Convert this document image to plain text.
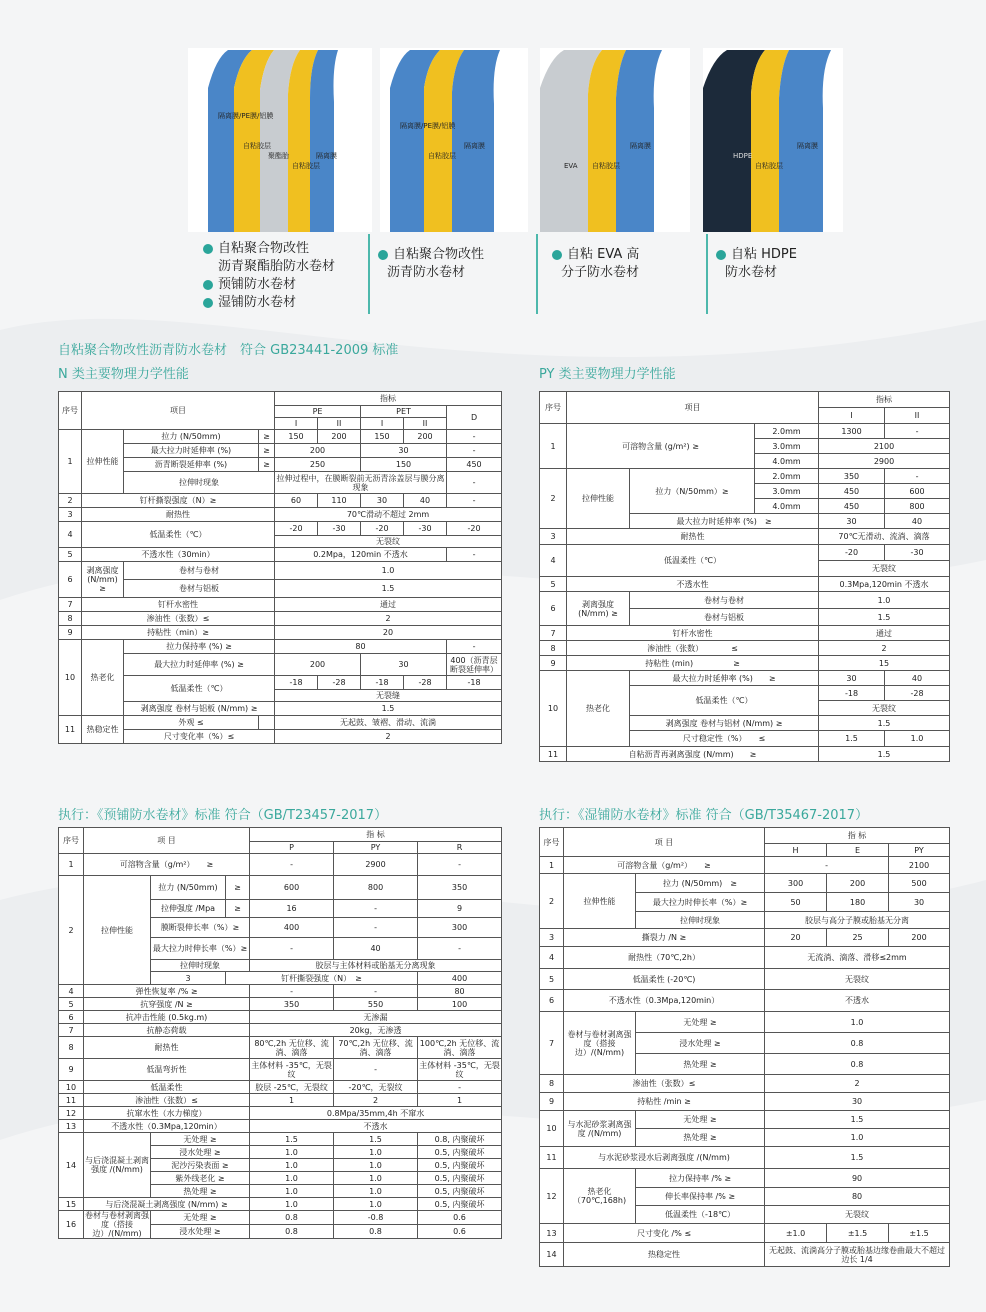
隔离膜/PE膜/铝膜
自粘胶层
聚酯胎
自粘胶层
隔离膜
隔离膜/PE膜/铝膜
自粘胶层
隔离膜
EVA 自粘胶层
隔离膜
HDPE
自粘胶层
隔离膜
自粘聚合物改性
沥青聚酯胎防水卷材
预铺防水卷材
湿铺防水卷材
自粘聚合物改性
沥青防水卷材
自粘 EVA 高
分子防水卷材
自粘 HDPE
防水卷材
自粘聚合物改性沥青防水卷材　符合 GB23441-2009 标准
N 类主要物理力学性能	PY 类主要物理力学性能
执行：《预铺防水卷材》标准 符合（GB/T23457-2017）	执行：《湿铺防水卷材》标准 符合（GB/T35467-2017）
序号	项目			指标				
				PE		PET		D
				I	II	I	II	
1	拉伸性能	拉力 (N/50mm)	≥	150	200	150	200	-
		最大拉力时延伸率 (%)	≥	200		30		-
		沥青断裂延伸率 (%)	≥	250		150		450
		拉伸时现象		拉伸过程中，在膜断裂前无沥青涂盖层与膜分离现象				-
2	钉杆撕裂强度（N）≥			60	110	30	40	-
3	耐热性			70℃滑动不超过 2mm				
4	低温柔性（℃）			-20	-30	-20	-30	-20
				无裂纹				
5	不透水性（30min）			0.2Mpa，120min 不透水				-
6	剥离强度 (N/mm) ≥	卷材与卷材		1.0				
		卷材与铝板		1.5				
7	钉杆水密性			通过				
8	渗油性（张数）≤			2				
9	持粘性（min）≥			20				
10	热老化	拉力保持率 (%) ≥		80				-
		最大拉力时延伸率 (%) ≥		200		30		400（沥青层断裂延伸率）
		低温柔性（℃）		-18	-28	-18	-28	-18
				无裂缝				
		剥离强度 卷材与铝板 (N/mm) ≥		1.5				
11	热稳定性	外观 ≤		无起鼓、皱褶、滑动、流淌				
		尺寸变化率（%）≤		2				
序号	项目			指标	
				I	II
1	可溶物含量 (g/m²) ≥		2.0mm	1300	-
			3.0mm	2100	
			4.0mm	2900	
2	拉伸性能	拉力（N/50mm）≥	2.0mm	350	-
			3.0mm	450	600
			4.0mm	450	800
		最大拉力时延伸率 (%)　≥		30	40
3	耐热性			70℃无滑动、流淌、滴落	
4	低温柔性（℃）			-20	-30
				无裂纹	
5	不透水性			0.3Mpa,120min 不透水	
6	剥离强度 (N/mm) ≥	卷材与卷材		1.0	
		卷材与铝板		1.5	
7	钉杆水密性			通过	
8	渗油性（张数）　　　　≤			2	
9	持粘性 (min)　　　　　≥			15	
10	热老化	最大拉力时延伸率 (%)　　≥		30	40
		低温柔性（℃）		-18	-28
				无裂纹	
		剥离强度 卷材与铝材 (N/mm) ≥		1.5	
		尺寸稳定性（%）　　≤		1.5	1.0
11	自粘沥青再剥离强度 (N/mm)　　≥			1.5	
序号	项 目			指 标			
				P	PY	R	
1	可溶物含量（g/m²）　　≥			-	2900	-	
2	拉伸性能	拉力 (N/50mm)	≥	600	800	350	
		拉伸强度 /Mpa	≥	16	-	9	
		膜断裂伸长率（%）≥		400	-	300	
		最大拉力时伸长率（%）≥		-	40	-	
		拉伸时现象		胶层与主体材料或胎基无分离现象			
		3	钉杆撕裂强度（N）　≥			400		
4	弹性恢复率 /% ≥			-	-	80	
5	抗穿强度 /N ≥			350	550	100	
6	抗冲击性能 (0.5kg.m)			无渗漏			
7	抗静态荷载			20kg，无渗透			
8	耐热性			80℃,2h 无位移、流淌、滴落	70℃,2h 无位移、流淌、滴落	100℃,2h 无位移、流淌、滴落	
9	低温弯折性			主体材料 -35℃，无裂纹	-	主体材料 -35℃，无裂纹	
10	低温柔性			胶层 -25℃，无裂纹	-20℃，无裂纹	-	
11	渗油性（张数）≤			1	2	1	
12	抗窜水性（水力梯度）			0.8Mpa/35mm,4h 不窜水			
13	不透水性（0.3Mpa,120min）			不透水			
14	与后浇混凝土剥离强度 /(N/mm)	无处理 ≥		1.5	1.5	0.8, 内聚破坏	
		浸水处理 ≥		1.0	1.0	0.5, 内聚破坏	
		泥沙污染表面 ≥		1.0	1.0	0.5, 内聚破坏	
		紫外线老化 ≥		1.0	1.0	0.5, 内聚破坏	
		热处理 ≥		1.0	1.0	0.5, 内聚破坏	
15	与后浇混凝土剥离强度 (N/mm) ≥			1.0	1.0	0.5, 内聚破坏	
16	卷材与卷材剥离强度（搭接边）/(N/mm)	无处理 ≥		0.8	-0.8	0.6	
		浸水处理 ≥		0.8	0.8	0.6	
序号	项 目		指 标		
			H	E	PY
1	可溶物含量（g/m²）　　≥		-		2100
2	拉伸性能	拉力 (N/50mm)　≥	300	200	500
		最大拉力时伸长率（%）≥	50	180	30
		拉伸时现象	胶层与高分子膜或胎基无分离		
3	撕裂力 /N ≥		20	25	200
4	耐热性（70℃,2h）		无流淌、滴落、滑移≤2mm		
5	低温柔性 (-20℃)		无裂纹		
6	不透水性（0.3Mpa,120min）		不透水		
7	卷材与卷材剥离强度（搭接边）/(N/mm)	无处理 ≥	1.0		
		浸水处理 ≥	0.8		
		热处理 ≥	0.8		
8	渗油性（张数）≤		2		
9	持粘性 /min ≥		30		
10	与水泥砂浆剥离强度 /(N/mm)	无处理 ≥	1.5		
		热处理 ≥	1.0		
11	与水泥砂浆浸水后剥离强度 /(N/mm)		1.5		
12	热老化（70℃,168h)	拉力保持率 /% ≥	90		
		伸长率保持率 /% ≥	80		
		低温柔性（-18℃）	无裂纹		
13	尺寸变化 /% ≤		±1.0	±1.5	±1.5
14	热稳定性		无起鼓、流淌高分子膜或胎基边缘卷曲最大不超过边长 1/4		
